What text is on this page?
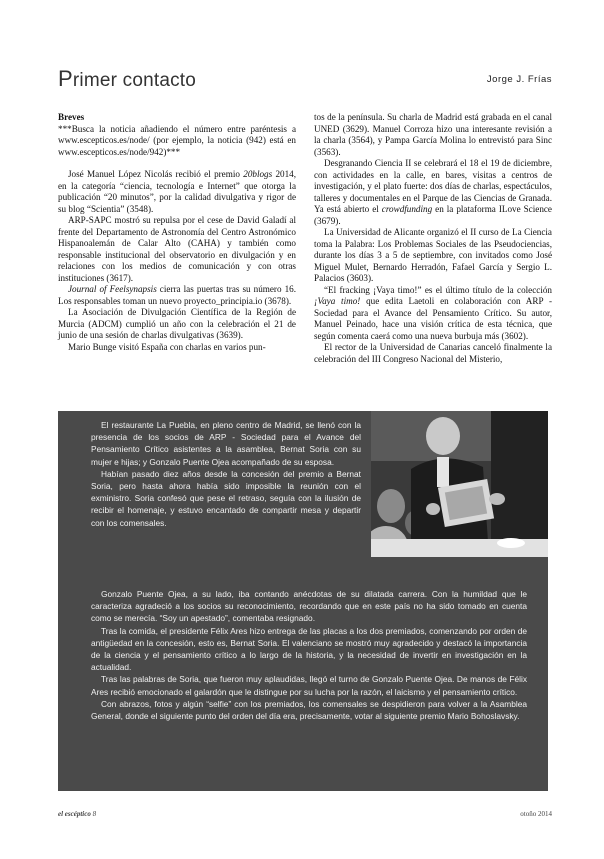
Primer contacto	Jorge J. Frías

Breves

***Busca la noticia añadiendo el número entre paréntesis a www.escepticos.es/node/ (por ejemplo, la noticia (942) está en www.escepticos.es/node/942)***

José Manuel López Nicolás recibió el premio 20blogs 2014, en la categoría “ciencia, tecnología e Internet” que otorga la publicación “20 minutos”, por la calidad divulgativa y rigor de su blog “Scientia” (3548).

ARP-SAPC mostró su repulsa por el cese de David Galadí al frente del Departamento de Astronomía del Centro Astronómico Hispanoalemán de Calar Alto (CAHA) y también como responsable institucional del observatorio en divulgación y en relaciones con los medios de comunicación y con otras instituciones (3617).

Journal of Feelsynapsis cierra las puertas tras su número 16. Los responsables toman un nuevo proyecto_principia.io (3678).

La Asociación de Divulgación Científica de la Región de Murcia (ADCM) cumplió un año con la celebración el 21 de junio de una sesión de charlas divulgativas (3639).

Mario Bunge visitó España con charlas en varios pun-

tos de la península. Su charla de Madrid está grabada en el canal UNED (3629). Manuel Corroza hizo una interesante revisión a la charla (3564), y Pampa García Molina lo entrevistó para Sinc (3563).

Desgranando Ciencia II se celebrará el 18 el 19 de diciembre, con actividades en la calle, en bares, visitas a centros de investigación, y el plato fuerte: dos días de charlas, espectáculos, talleres y documentales en el Parque de las Ciencias de Granada. Ya está abierto el crowdfunding en la plataforma ILove Science (3679).

La Universidad de Alicante organizó el II curso de La Ciencia toma la Palabra: Los Problemas Sociales de las Pseudociencias, durante los días 3 a 5 de septiembre, con invitados como José Miguel Mulet, Bernardo Herradón, Fafael García y Sergio L. Palacios (3603).

“El fracking ¡Vaya timo!” es el último título de la colección ¡Vaya timo! que edita Laetoli en colaboración con ARP - Sociedad para el Avance del Pensamiento Crítico. Su autor, Manuel Peinado, hace una visión crítica de esta técnica, que según comenta caerá como una nueva burbuja más (3602).

El rector de la Universidad de Canarias canceló finalmente la celebración del III Congreso Nacional del Misterio,

El restaurante La Puebla, en pleno centro de Madrid, se llenó con la presencia de los socios de ARP - Sociedad para el Avance del Pensamiento Crítico asistentes a la asamblea, Bernat Soria con su mujer e hijas; y Gonzalo Puente Ojea acompañado de su esposa.

Habían pasado diez años desde la concesión del premio a Bernat Soria, pero hasta ahora había sido imposible la reunión con el exministro. Soria confesó que pese el retraso, seguía con la ilusión de recibir el homenaje, y estuvo encantado de compartir mesa y departir con los comensales.

Gonzalo Puente Ojea, a su lado, iba contando anécdotas de su dilatada carrera. Con la humildad que le caracteriza agradeció a los socios su reconocimiento, recordando que en este país no ha sido tomado en cuenta como se merecía. “Soy un apestado”, comentaba resignado.

Tras la comida, el presidente Félix Ares hizo entrega de las placas a los dos premiados, comenzando por orden de antigüedad en la concesión, esto es, Bernat Soria. El valenciano se mostró muy agradecido y destacó la importancia de la ciencia y el pensamiento crítico a lo largo de la historia, y la necesidad de invertir en investigación en la actualidad.

Tras las palabras de Soria, que fueron muy aplaudidas, llegó el turno de Gonzalo Puente Ojea. De manos de Félix Ares recibió emocionado el galardón que le distingue por su lucha por la razón, el laicismo y el pensamiento crítico.

Con abrazos, fotos y algún “selfie” con los premiados, los comensales se despidieron para volver a la Asamblea General, donde el siguiente punto del orden del día era, precisamente, votar al siguiente premio Mario Bohoslavsky.

el escéptico 8	otoño 2014
